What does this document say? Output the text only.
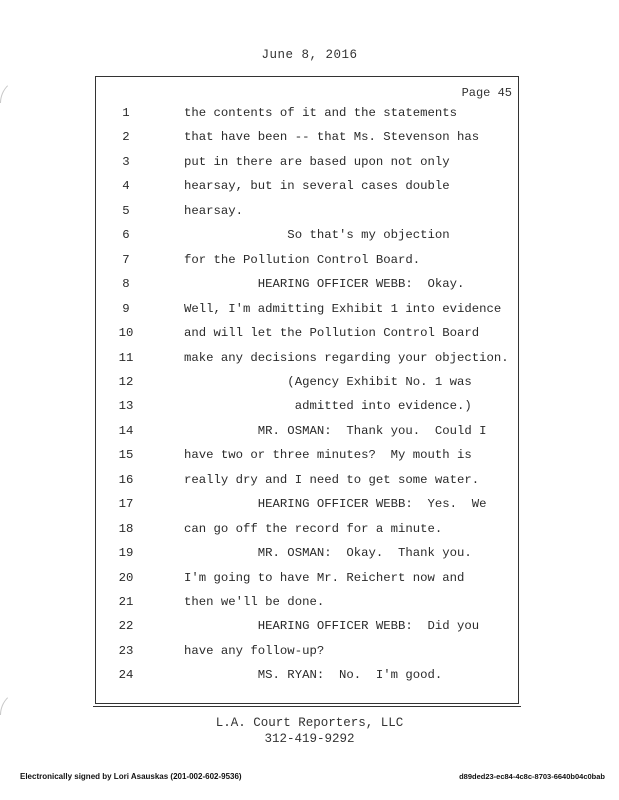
June 8, 2016
Page 45
1	the contents of it and the statements
2	that have been -- that Ms. Stevenson has
3	put in there are based upon not only
4	hearsay, but in several cases double
5	hearsay.
6	So that's my objection
7	for the Pollution Control Board.
8	HEARING OFFICER WEBB:  Okay.
9	Well, I'm admitting Exhibit 1 into evidence
10	and will let the Pollution Control Board
11	make any decisions regarding your objection.
12	(Agency Exhibit No. 1 was
13	admitted into evidence.)
14	MR. OSMAN:  Thank you.  Could I
15	have two or three minutes?  My mouth is
16	really dry and I need to get some water.
17	HEARING OFFICER WEBB:  Yes.  We
18	can go off the record for a minute.
19	MR. OSMAN:  Okay.  Thank you.
20	I'm going to have Mr. Reichert now and
21	then we'll be done.
22	HEARING OFFICER WEBB:  Did you
23	have any follow-up?
24	MS. RYAN:  No.  I'm good.
L.A. Court Reporters, LLC
312-419-9292
Electronically signed by Lori Asauskas (201-002-602-9536)	d89ded23-ec84-4c8c-8703-6640b04c0bab
